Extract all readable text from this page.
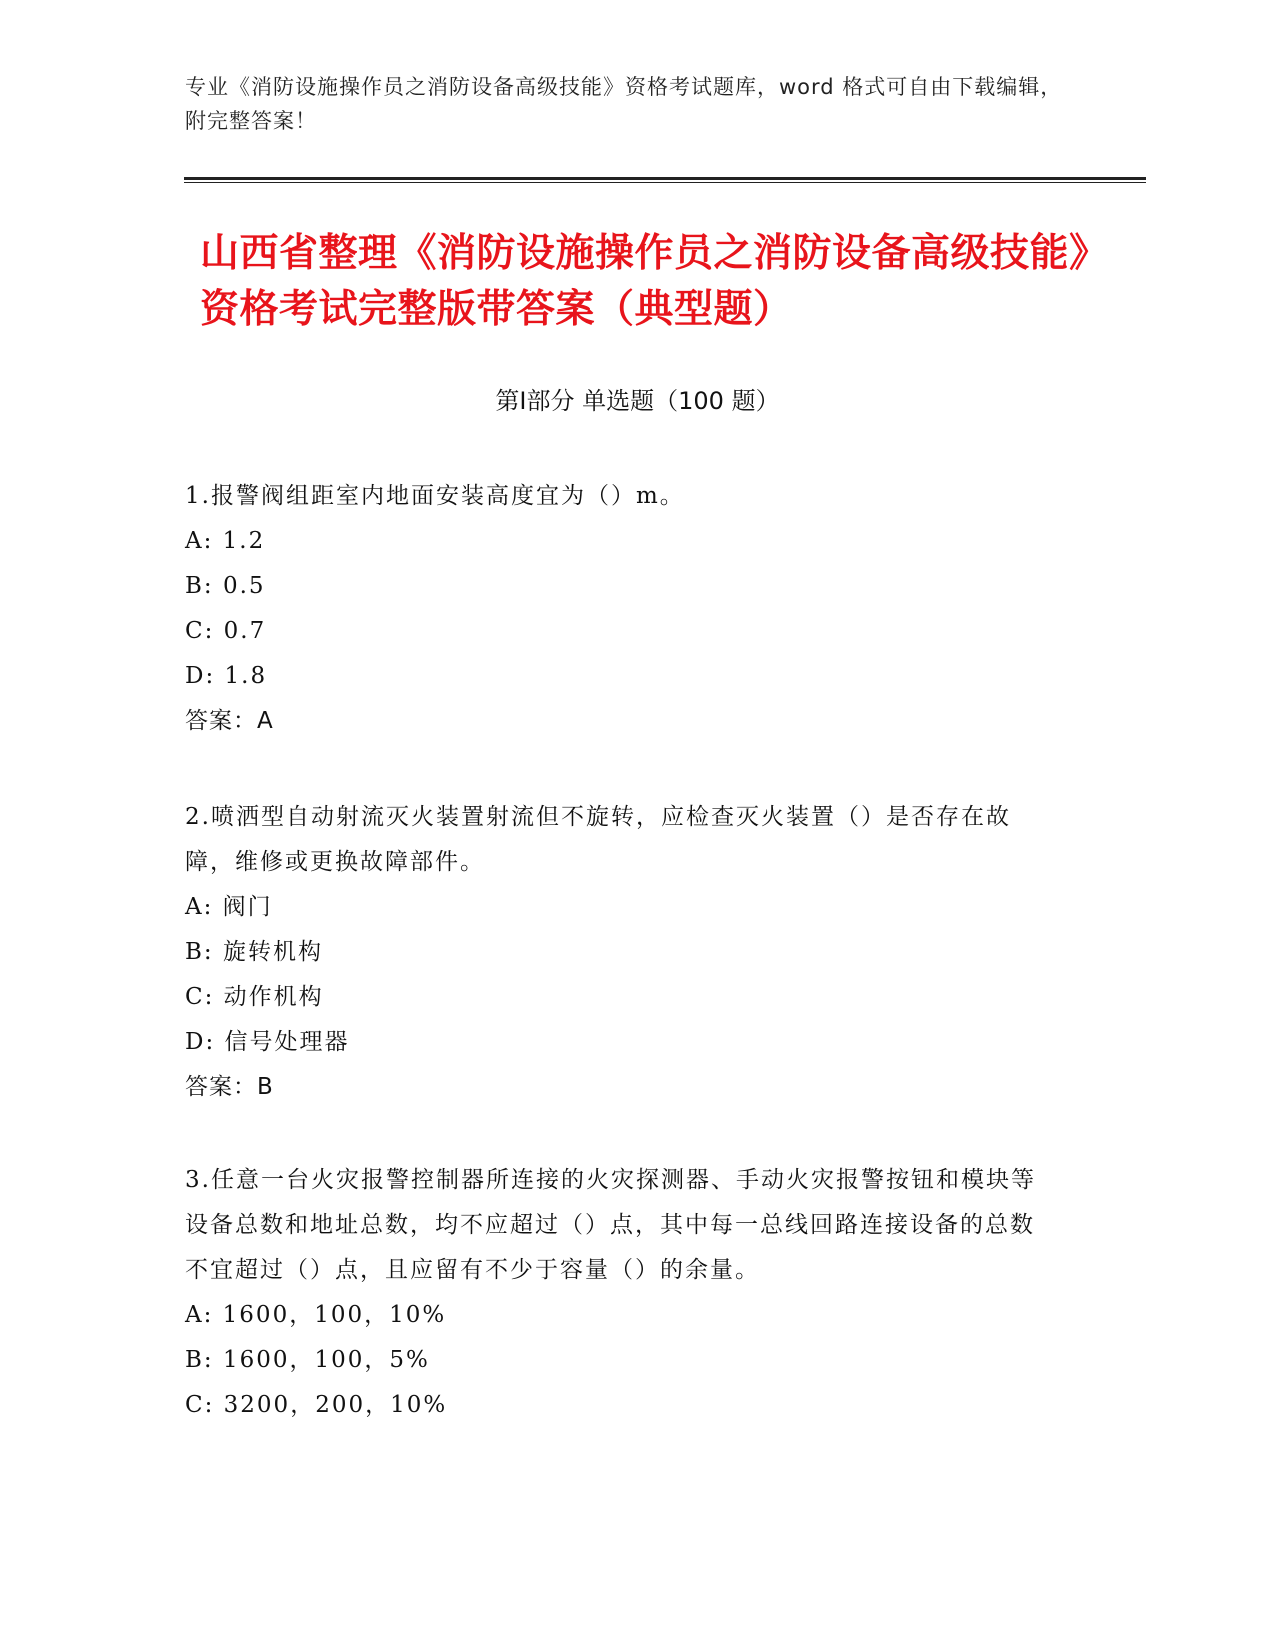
专业《消防设施操作员之消防设备高级技能》资格考试题库，word 格式可自由下载编辑，附完整答案！
山西省整理《消防设施操作员之消防设备高级技能》资格考试完整版带答案（典型题）
第Ⅰ部分 单选题（100 题）

1.报警阀组距室内地面安装高度宜为（）m。

A: 1.2

B: 0.5

C: 0.7

D: 1.8

答案：A

2.喷洒型自动射流灭火装置射流但不旋转，应检查灭火装置（）是否存在故障，维修或更换故障部件。

A: 阀门

B: 旋转机构

C: 动作机构

D: 信号处理器

答案：B

3.任意一台火灾报警控制器所连接的火灾探测器、手动火灾报警按钮和模块等设备总数和地址总数，均不应超过（）点，其中每一总线回路连接设备的总数不宜超过（）点，且应留有不少于容量（）的余量。

A: 1600，100，10%

B: 1600，100，5%

C: 3200，200，10%
